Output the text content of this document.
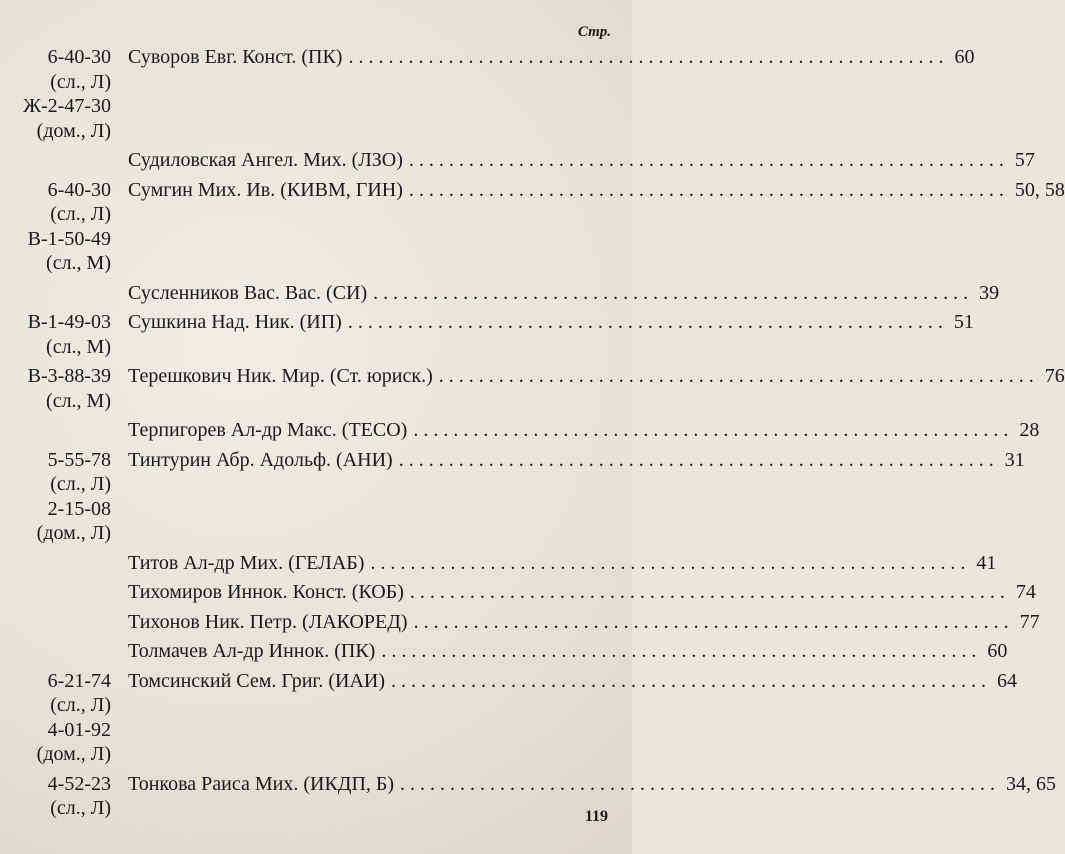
Стр.
6-40-30
(сл., Л)
Ж-2-47-30
(дом., Л)
Суворов Евг. Конст. (ПК) ............................................................ 60
Судиловская Ангел. Мих. (ЛЗО) ............................................................ 57
6-40-30
(сл., Л)
В-1-50-49
(сл., М)
Сумгин Мих. Ив. (КИВМ, ГИН) ............................................................ 50, 58
Сусленников Вас. Вас. (СИ) ............................................................ 39
В-1-49-03
(сл., М)
Сушкина Над. Ник. (ИП) ............................................................ 51
В-3-88-39
(сл., М)
Терешкович Ник. Мир. (Ст. юриск.) ............................................................ 76
Терпигорев Ал-др Макс. (ТЕСО) ............................................................ 28
5-55-78
(сл., Л)
2-15-08
(дом., Л)
Тинтурин Абр. Адольф. (АНИ) ............................................................ 31
Титов Ал-др Мих. (ГЕЛАБ) ............................................................ 41
Тихомиров Иннок. Конст. (КОБ) ............................................................ 74
Тихонов Ник. Петр. (ЛАКОРЕД) ............................................................ 77
Толмачев Ал-др Иннок. (ПК) ............................................................ 60
6-21-74
(сл., Л)
4-01-92
(дом., Л)
Томсинский Сем. Григ. (ИАИ) ............................................................ 64
4-52-23
(сл., Л)
Тонкова Раиса Мих. (ИКДП, Б) ............................................................ 34, 65
119
